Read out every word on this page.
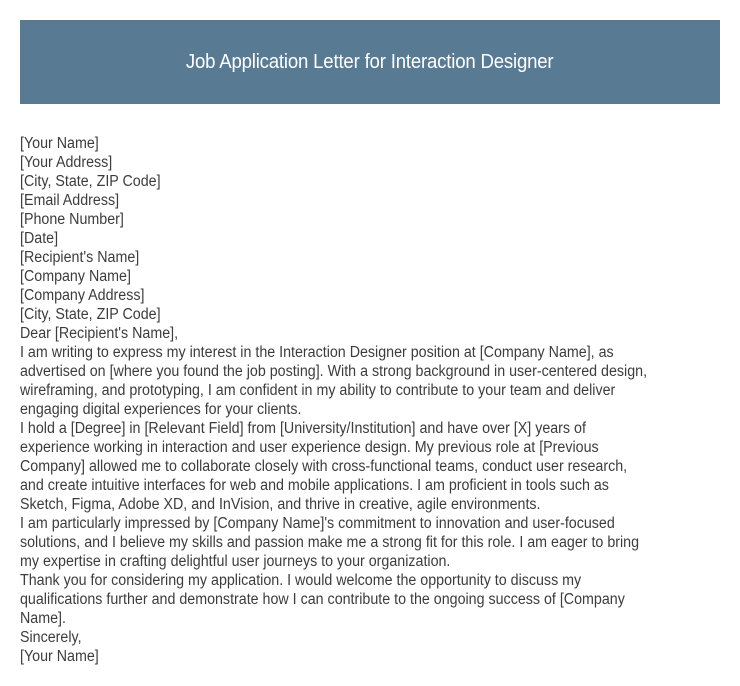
Job Application Letter for Interaction Designer
[Your Name]
[Your Address]
[City, State, ZIP Code]
[Email Address]
[Phone Number]
[Date]
[Recipient's Name]
[Company Name]
[Company Address]
[City, State, ZIP Code]
Dear [Recipient's Name],
I am writing to express my interest in the Interaction Designer position at [Company Name], as
advertised on [where you found the job posting]. With a strong background in user-centered design,
wireframing, and prototyping, I am confident in my ability to contribute to your team and deliver
engaging digital experiences for your clients.
I hold a [Degree] in [Relevant Field] from [University/Institution] and have over [X] years of
experience working in interaction and user experience design. My previous role at [Previous
Company] allowed me to collaborate closely with cross-functional teams, conduct user research,
and create intuitive interfaces for web and mobile applications. I am proficient in tools such as
Sketch, Figma, Adobe XD, and InVision, and thrive in creative, agile environments.
I am particularly impressed by [Company Name]'s commitment to innovation and user-focused
solutions, and I believe my skills and passion make me a strong fit for this role. I am eager to bring
my expertise in crafting delightful user journeys to your organization.
Thank you for considering my application. I would welcome the opportunity to discuss my
qualifications further and demonstrate how I can contribute to the ongoing success of [Company
Name].
Sincerely,
[Your Name]
